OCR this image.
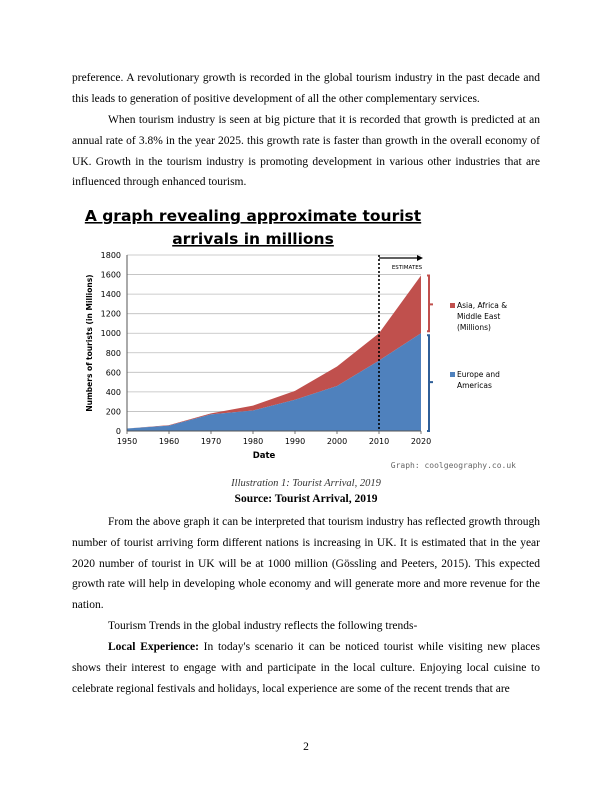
preference. A revolutionary growth is recorded in the global tourism industry in the past decade and this leads to generation of positive development of all the other complementary services.

When tourism industry is seen at big picture that it is recorded that growth is predicted at an annual rate of 3.8% in the year 2025. this growth rate is faster than growth in the overall economy of UK. Growth in the tourism industry is promoting development in various other industries that are influenced through enhanced tourism.

A graph revealing approximate tourist
arrivals in millions
0
200
400
600
800
1000
1200
1400
1600
1800
1950	1960	1970	1980	1990	2000	2010	2020
Date
Numbers of tourists (in Millions)
ESTIMATES
Asia, Africa &
Middle East
(Millions)
Europe and
Americas
Graph: coolgeography.co.uk
Illustration 1: Tourist Arrival, 2019
Source: Tourist Arrival, 2019

From the above graph it can be interpreted that tourism industry has reflected growth through number of tourist arriving form different nations is increasing in UK. It is estimated that in the year 2020 number of tourist in UK will be at 1000 million (Gössling and Peeters, 2015). This expected growth rate will help in developing whole economy and will generate more and more revenue for the nation.

Tourism Trends in the global industry reflects the following trends-

Local Experience: In today's scenario it can be noticed tourist while visiting new places shows their interest to engage with and participate in the local culture. Enjoying local cuisine to celebrate regional festivals and holidays, local experience are some of the recent trends that are

2
